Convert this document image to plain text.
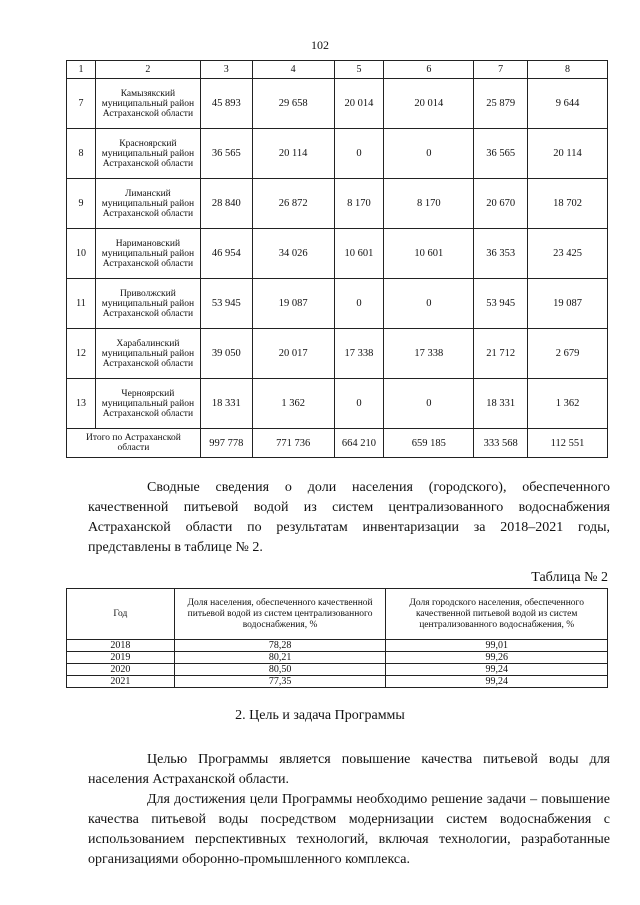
102
1	2	3	4	5	6	7	8
7	Камызякский муниципальный район Астраханской области	45 893	29 658	20 014	20 014	25 879	9 644
8	Красноярский муниципальный район Астраханской области	36 565	20 114	0	0	36 565	20 114
9	Лиманский муниципальный район Астраханской области	28 840	26 872	8 170	8 170	20 670	18 702
10	Наримановский муниципальный район Астраханской области	46 954	34 026	10 601	10 601	36 353	23 425
11	Приволжский муниципальный район Астраханской области	53 945	19 087	0	0	53 945	19 087
12	Харабалинский муниципальный район Астраханской области	39 050	20 017	17 338	17 338	21 712	2 679
13	Черноярский муниципальный район Астраханской области	18 331	1 362	0	0	18 331	1 362
Итого по Астраханской области		997 778	771 736	664 210	659 185	333 568	112 551

Сводные сведения о доли населения (городского), обеспеченного качественной питьевой водой из систем централизованного водоснабжения Астраханской области по результатам инвентаризации за 2018–2021 годы, представлены в таблице № 2.

Таблица № 2
Год	Доля населения, обеспеченного качественной питьевой водой из систем централизованного водоснабжения, %	Доля городского населения, обеспеченного качественной питьевой водой из систем централизованного водоснабжения, %
2018	78,28	99,01
2019	80,21	99,26
2020	80,50	99,24
2021	77,35	99,24
2. Цель и задача Программы

Целью Программы является повышение качества питьевой воды для населения Астраханской области.

Для достижения цели Программы необходимо решение задачи – повышение качества питьевой воды посредством модернизации систем водоснабжения с использованием перспективных технологий, включая технологии, разработанные организациями оборонно-промышленного комплекса.
